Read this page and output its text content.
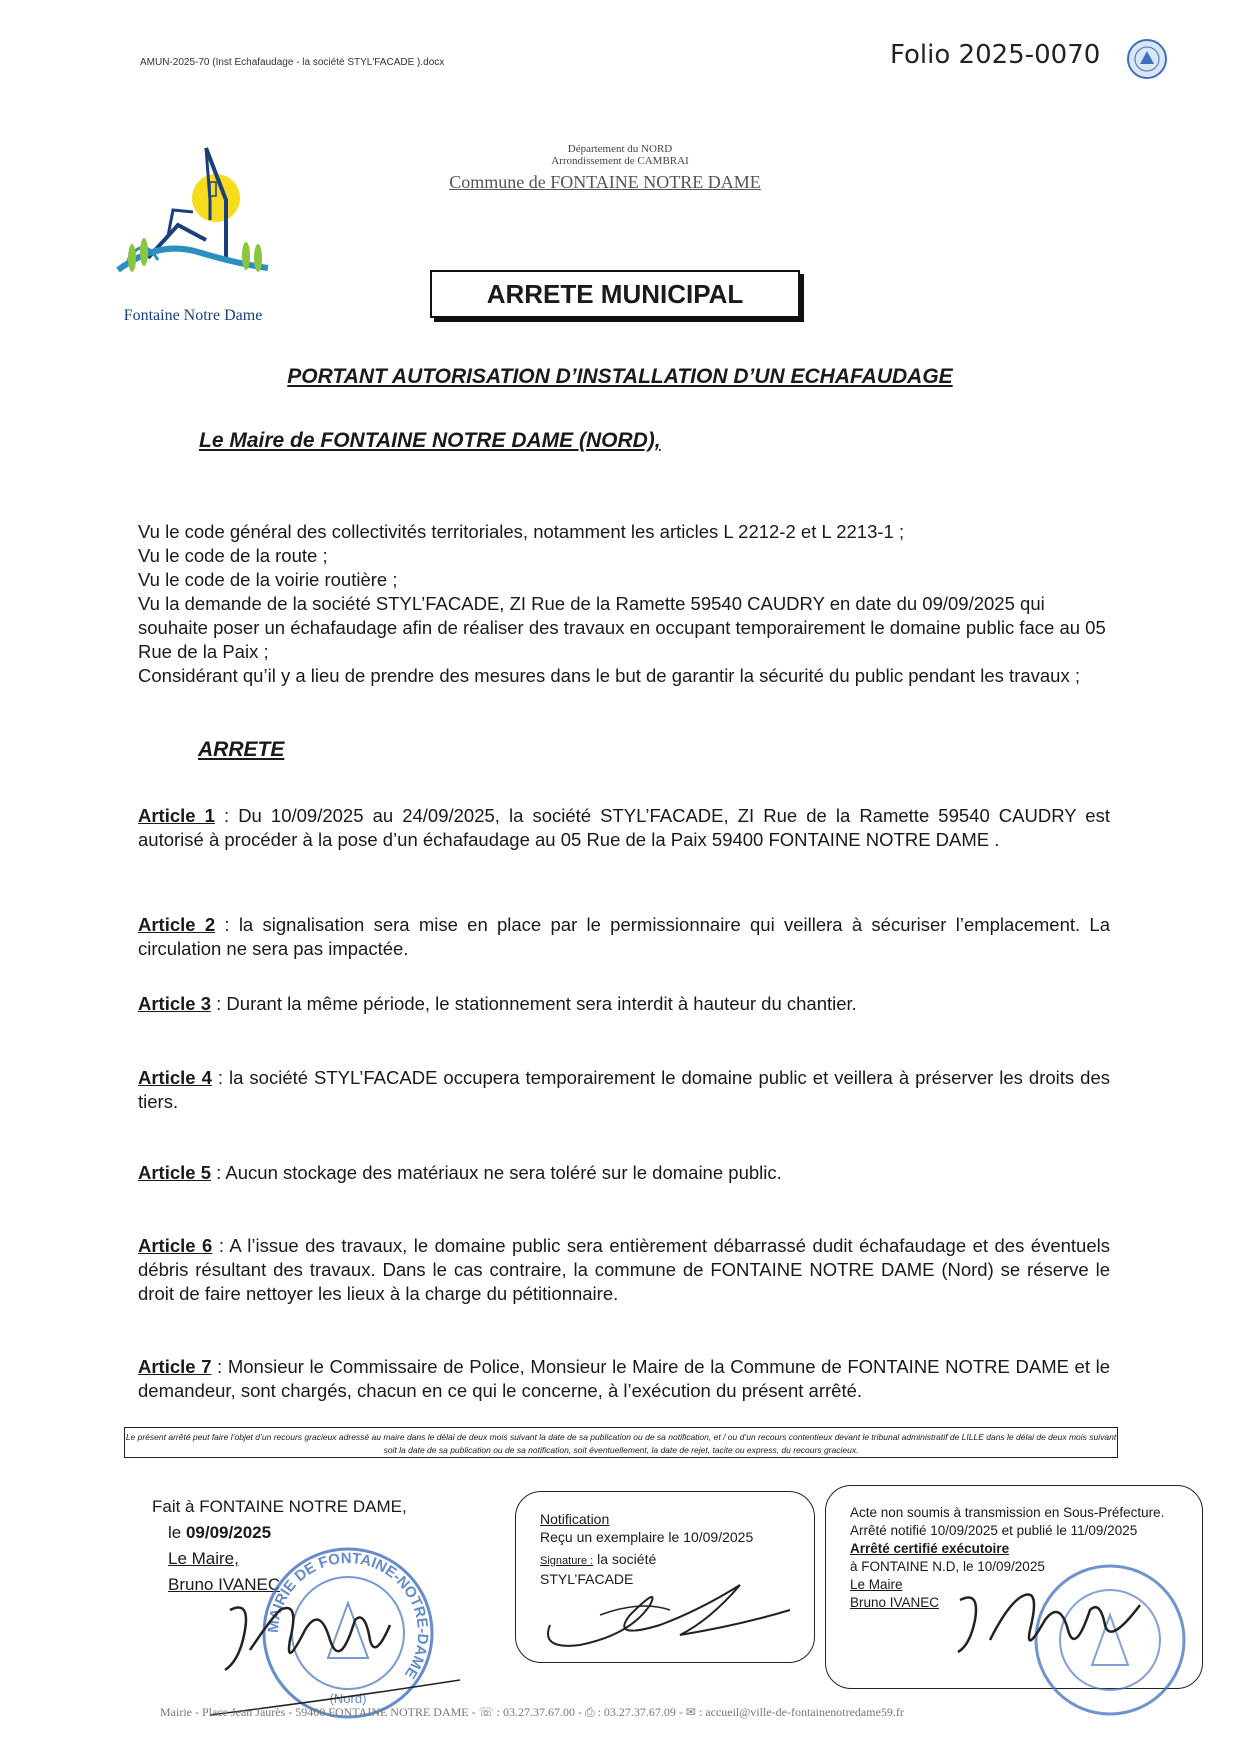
AMUN-2025-70 (Inst Echafaudage - la société STYL'FACADE ).docx	Folio 2025-0070
Fontaine Notre Dame
Département du NORD
Arrondissement de CAMBRAI
Commune de FONTAINE NOTRE DAME
ARRETE MUNICIPAL
PORTANT AUTORISATION D’INSTALLATION D’UN ECHAFAUDAGE
Le Maire de FONTAINE NOTRE DAME (NORD),
Vu le code général des collectivités territoriales, notamment les articles L 2212-2 et L 2213-1 ;
Vu le code de la route ;
Vu le code de la voirie routière ;
Vu la demande de la société STYL’FACADE, ZI Rue de la Ramette 59540 CAUDRY en date du 09/09/2025 qui souhaite poser un échafaudage afin de réaliser des travaux en occupant temporairement le domaine public face au 05 Rue de la Paix ;
Considérant qu’il y a lieu de prendre des mesures dans le but de garantir la sécurité du public pendant les travaux ;
ARRETE
Article 1 : Du 10/09/2025 au 24/09/2025, la société STYL’FACADE, ZI Rue de la Ramette 59540 CAUDRY est autorisé à procéder à la pose d’un échafaudage au 05 Rue de la Paix 59400 FONTAINE NOTRE DAME .
Article 2 : la signalisation sera mise en place par le permissionnaire qui veillera à sécuriser l’emplacement. La circulation ne sera pas impactée.
Article 3 : Durant la même période, le stationnement sera interdit à hauteur du chantier.
Article 4 : la société STYL’FACADE occupera temporairement le domaine public et veillera à préserver les droits des tiers.
Article 5 : Aucun stockage des matériaux ne sera toléré sur le domaine public.
Article 6 : A l’issue des travaux, le domaine public sera entièrement débarrassé dudit échafaudage et des éventuels débris résultant des travaux. Dans le cas contraire, la commune de FONTAINE NOTRE DAME (Nord) se réserve le droit de faire nettoyer les lieux à la charge du pétitionnaire.
Article 7 : Monsieur le Commissaire de Police, Monsieur le Maire de la Commune de FONTAINE NOTRE DAME et le demandeur, sont chargés, chacun en ce qui le concerne, à l’exécution du présent arrêté.
Le présent arrêté peut faire l’objet d’un recours gracieux adressé au maire dans le délai de deux mois suivant la date de sa publication ou de sa notification, et / ou d’un recours contentieux devant le tribunal administratif de LILLE dans le délai de deux mois suivant soit la date de sa publication ou de sa notification, soit éventuellement, la date de rejet, tacite ou express, du recours gracieux.
Fait à FONTAINE NOTRE DAME,
le 09/09/2025
Le Maire,
Bruno IVANEC
MAIRIE DE FONTAINE-NOTRE-DAME
(Nord)
Notification
Reçu un exemplaire le 10/09/2025
Signature : la société
STYL’FACADE
Acte non soumis à transmission en Sous-Préfecture.
Arrêté notifié 10/09/2025 et publié le 11/09/2025
Arrêté certifié exécutoire
à FONTAINE N.D, le 10/09/2025
Le Maire
Bruno IVANEC
Mairie - Place Jean Jaurès - 59400 FONTAINE NOTRE DAME - ☏ : 03.27.37.67.00 - ⎙ : 03.27.37.67.09 - ✉ : accueil@ville-de-fontainenotredame59.fr
